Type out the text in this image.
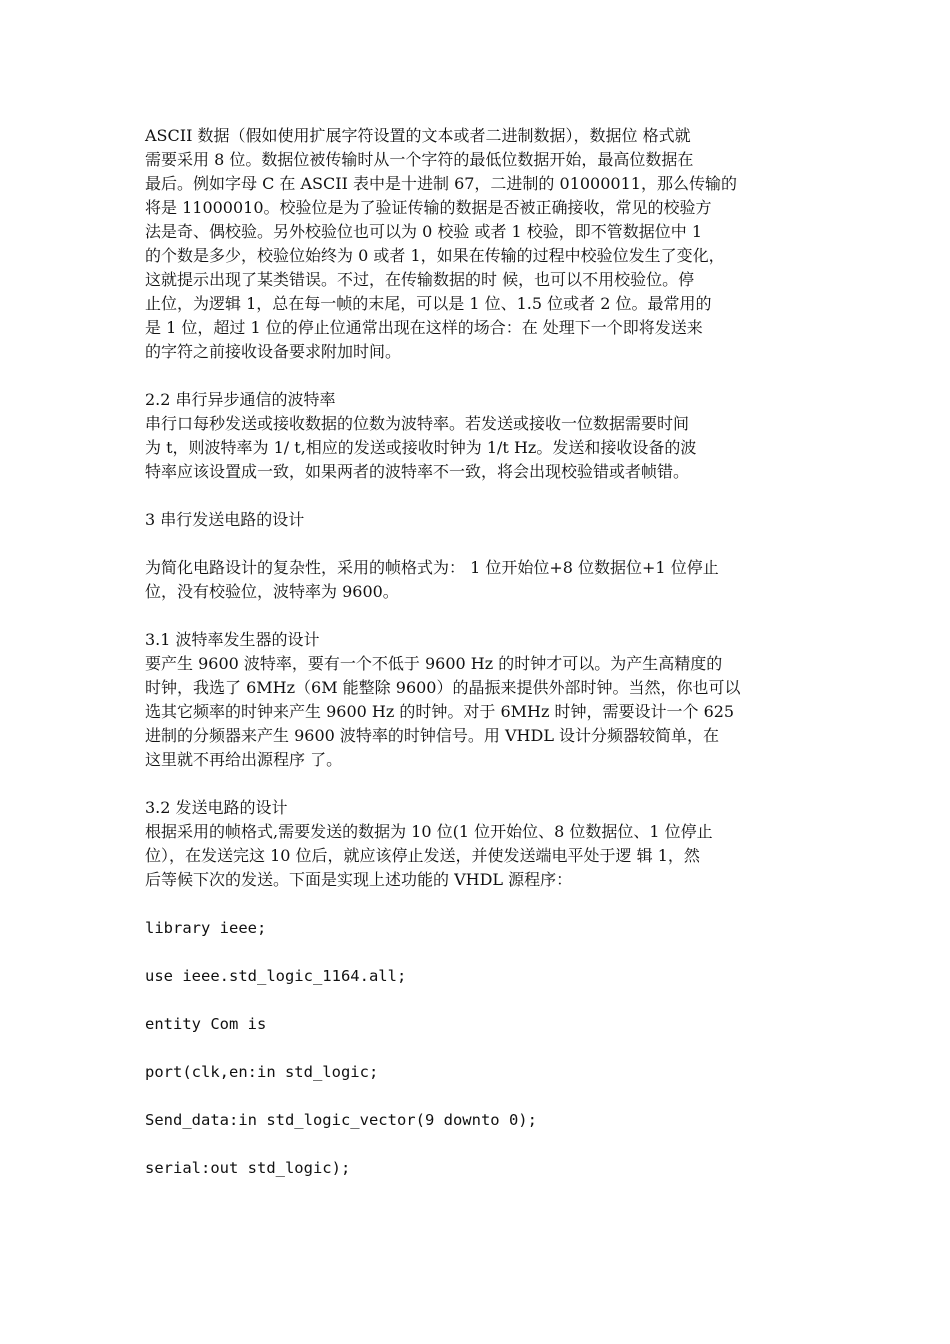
ASCII 数据（假如使用扩展字符设置的文本或者二进制数据），数据位 格式就
需要采用 8 位。数据位被传输时从一个字符的最低位数据开始，最高位数据在
最后。例如字母 C 在 ASCII 表中是十进制 67，二进制的 01000011，那么传输的
将是 11000010。校验位是为了验证传输的数据是否被正确接收，常见的校验方
法是奇、偶校验。另外校验位也可以为 0 校验 或者 1 校验，即不管数据位中 1
的个数是多少，校验位始终为 0 或者 1，如果在传输的过程中校验位发生了变化，
这就提示出现了某类错误。不过，在传输数据的时 候，也可以不用校验位。停
止位，为逻辑 1，总在每一帧的末尾，可以是 1 位、1.5 位或者 2 位。最常用的
是 1 位，超过 1 位的停止位通常出现在这样的场合：在 处理下一个即将发送来
的字符之前接收设备要求附加时间。
2.2 串行异步通信的波特率
串行口每秒发送或接收数据的位数为波特率。若发送或接收一位数据需要时间
为 t，则波特率为 1/ t,相应的发送或接收时钟为 1/t Hz。发送和接收设备的波
特率应该设置成一致，如果两者的波特率不一致，将会出现校验错或者帧错。
3 串行发送电路的设计
为简化电路设计的复杂性，采用的帧格式为： 1 位开始位+8 位数据位+1 位停止
位，没有校验位，波特率为 9600。
3.1 波特率发生器的设计
要产生 9600 波特率，要有一个不低于 9600 Hz 的时钟才可以。为产生高精度的
时钟，我选了 6MHz（6M 能整除 9600）的晶振来提供外部时钟。当然，你也可以
选其它频率的时钟来产生 9600 Hz 的时钟。对于 6MHz 时钟，需要设计一个 625
进制的分频器来产生 9600 波特率的时钟信号。用 VHDL 设计分频器较简单，在
这里就不再给出源程序 了。
3.2 发送电路的设计
根据采用的帧格式,需要发送的数据为 10 位(1 位开始位、8 位数据位、1 位停止
位），在发送完这 10 位后，就应该停止发送，并使发送端电平处于逻 辑 1，然
后等候下次的发送。下面是实现上述功能的 VHDL 源程序：
library ieee;
use ieee.std_logic_1164.all;
entity Com is
port(clk,en:in std_logic;
Send_data:in std_logic_vector(9 downto 0);
serial:out std_logic);
